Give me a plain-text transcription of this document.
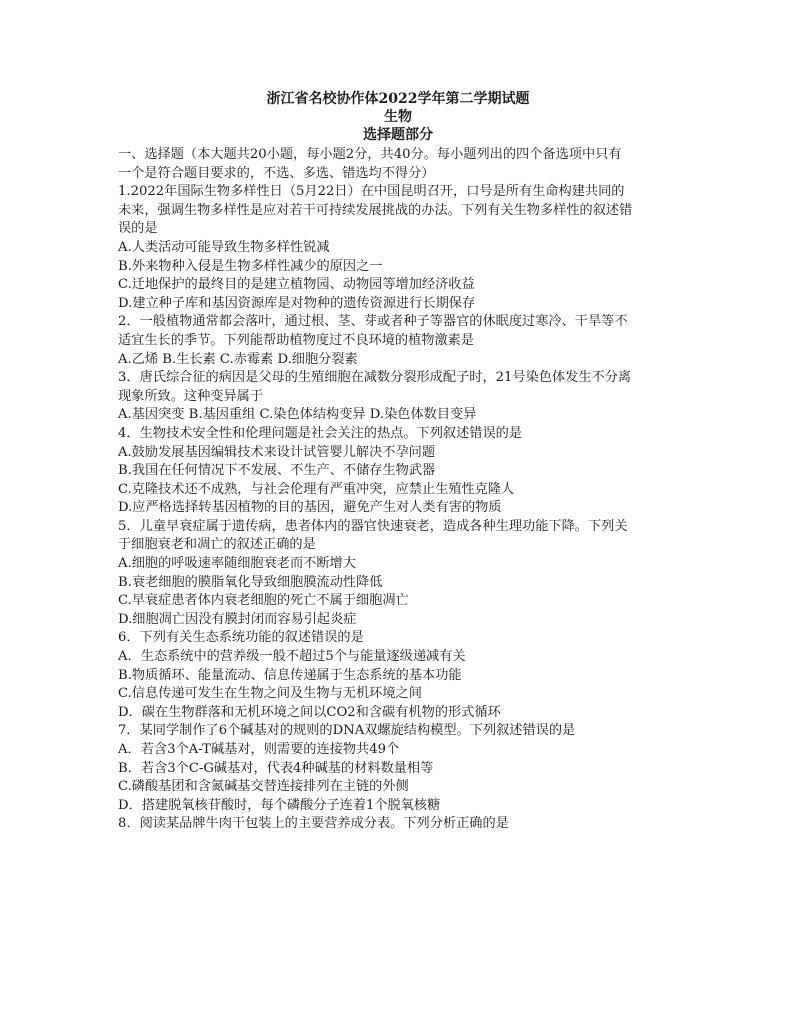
浙江省名校协作体2022学年第二学期试题
生物
选择题部分
一、选择题（本大题共20小题，每小题2分，共40分。每小题列出的四个备选项中只有
一个是符合题目要求的，不选、多选、错选均不得分）
1.2022年国际生物多样性日（5月22日）在中国昆明召开，口号是所有生命构建共同的
未来，强调生物多样性是应对若干可持续发展挑战的办法。下列有关生物多样性的叙述错
误的是
A.人类活动可能导致生物多样性锐减
B.外来物种入侵是生物多样性减少的原因之一
C.迁地保护的最终目的是建立植物园、动物园等增加经济收益
D.建立种子库和基因资源库是对物种的遗传资源进行长期保存
2．一般植物通常都会落叶，通过根、茎、芽或者种子等器官的休眠度过寒冷、干旱等不
适宜生长的季节。下列能帮助植物度过不良环境的植物激素是
A.乙烯 B.生长素 C.赤霉素 D.细胞分裂素
3．唐氏综合征的病因是父母的生殖细胞在减数分裂形成配子时，21号染色体发生不分离
现象所致。这种变异属于
A.基因突变 B.基因重组 C.染色体结构变异 D.染色体数目变异
4．生物技术安全性和伦理问题是社会关注的热点。下列叙述错误的是
A.鼓励发展基因编辑技术来设计试管婴儿解决不孕问题
B.我国在任何情况下不发展、不生产、不储存生物武器
C.克隆技术还不成熟，与社会伦理有严重冲突，应禁止生殖性克隆人
D.应严格选择转基因植物的目的基因，避免产生对人类有害的物质
5．儿童早衰症属于遗传病，患者体内的器官快速衰老，造成各种生理功能下降。下列关
于细胞衰老和凋亡的叙述正确的是
A.细胞的呼吸速率随细胞衰老而不断增大
B.衰老细胞的膜脂氧化导致细胞膜流动性降低
C.早衰症患者体内衰老细胞的死亡不属于细胞凋亡
D.细胞凋亡因没有膜封闭而容易引起炎症
6．下列有关生态系统功能的叙述错误的是
A．生态系统中的营养级一般不超过5个与能量逐级递减有关
B.物质循环、能量流动、信息传递属于生态系统的基本功能
C.信息传递可发生在生物之间及生物与无机环境之间
D．碳在生物群落和无机环境之间以CO2和含碳有机物的形式循环
7．某同学制作了6个碱基对的规则的DNA双螺旋结构模型。下列叙述错误的是
A．若含3个A-T碱基对，则需要的连接物共49个
B．若含3个C-G碱基对，代表4种碱基的材料数量相等
C.磷酸基团和含氮碱基交替连接排列在主链的外侧
D．搭建脱氧核苷酸时，每个磷酸分子连着1个脱氧核糖
8．阅读某品牌牛肉干包装上的主要营养成分表。下列分析正确的是
